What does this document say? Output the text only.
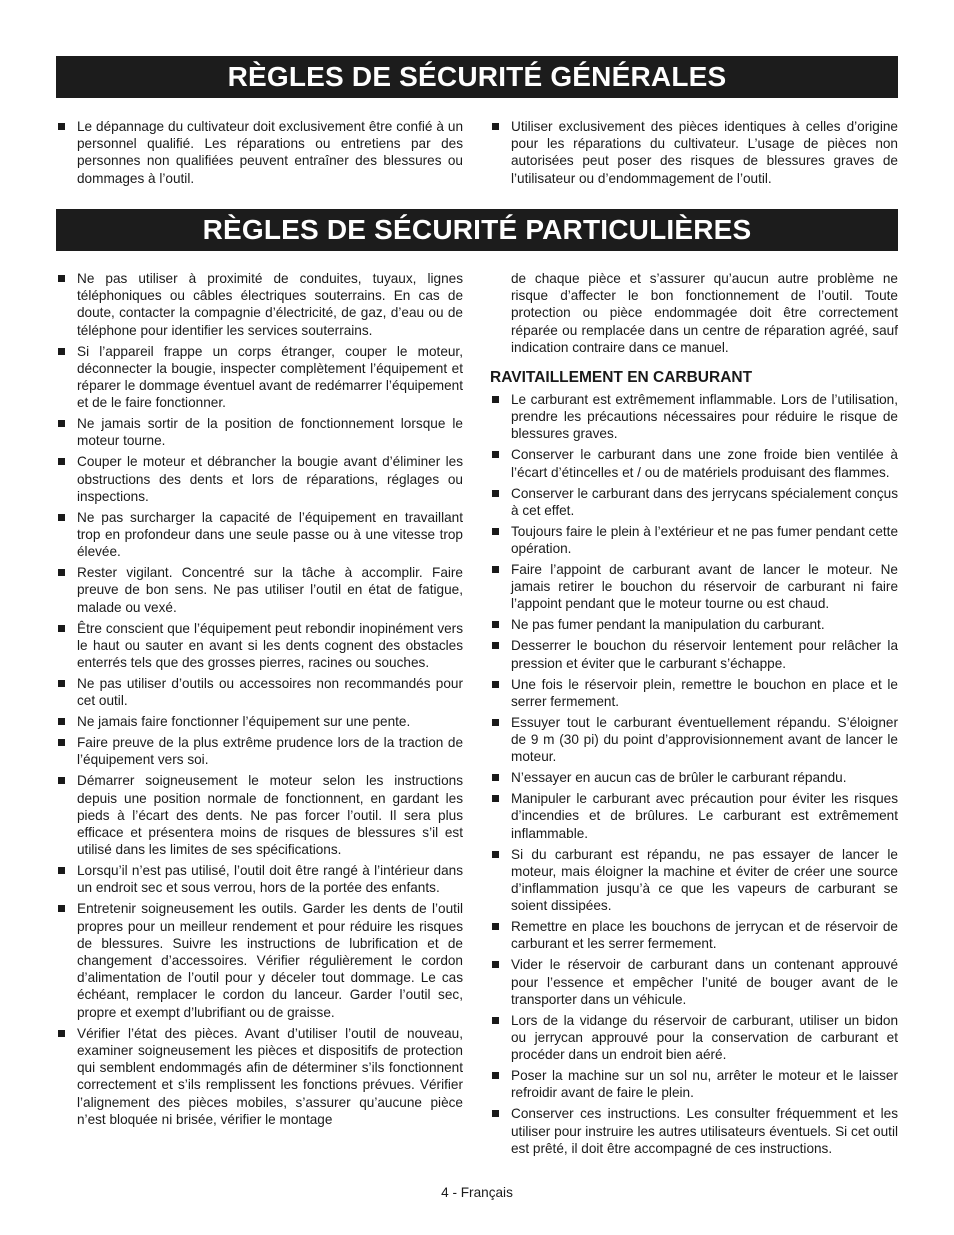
RÈGLES DE SÉCURITÉ GÉNÉRALES
Le dépannage du cultivateur doit exclusivement être confié à un personnel qualifié. Les réparations ou entretiens par des personnes non qualifiées peuvent entraîner des blessures ou dommages à l’outil.
Utiliser exclusivement des pièces identiques à celles d’origine pour les réparations du cultivateur. L’usage de pièces non autorisées peut poser des risques de blessures graves de l’utilisateur ou d’endommagement de l’outil.
RÈGLES DE SÉCURITÉ PARTICULIÈRES
Ne pas utiliser à proximité de conduites, tuyaux, lignes téléphoniques ou câbles électriques souterrains. En cas de doute, contacter la compagnie d’électricité, de gaz, d’eau ou de téléphone pour identifier les services souterrains.
Si l’appareil frappe un corps étranger, couper le moteur, déconnecter la bougie, inspecter complètement l’équipement et réparer le dommage éventuel avant de redémarrer l’équipement et de le faire fonctionner.
Ne jamais sortir de la position de fonctionnement lorsque le moteur tourne.
Couper le moteur et débrancher la bougie avant d’éliminer les obstructions des dents et lors de réparations, réglages ou inspections.
Ne pas surcharger la capacité de l’équipement en travaillant trop en profondeur dans une seule passe ou à une vitesse trop élevée.
Rester vigilant. Concentré sur la tâche à accomplir. Faire preuve de bon sens. Ne pas utiliser l’outil en état de fatigue, malade ou vexé.
Être conscient que l’équipement peut rebondir inopinément vers le haut ou sauter en avant si les dents cognent des obstacles enterrés tels que des grosses pierres, racines ou souches.
Ne pas utiliser d’outils ou accessoires non recommandés pour cet outil.
Ne jamais faire fonctionner l’équipement sur une pente.
Faire preuve de la plus extrême prudence lors de la traction de l’équipement vers soi.
Démarrer soigneusement le moteur selon les instructions depuis une position normale de fonctionnent, en gardant les pieds à l’écart des dents. Ne pas forcer l’outil. Il sera plus efficace et présentera moins de risques de blessures s’il est utilisé dans les limites de ses spécifications.
Lorsqu’il n’est pas utilisé, l’outil doit être rangé à l’intérieur dans un endroit sec et sous verrou, hors de la portée des enfants.
Entretenir soigneusement les outils. Garder les dents de l’outil propres pour un meilleur rendement et pour réduire les risques de blessures. Suivre les instructions de lubrification et de changement d’accessoires. Vérifier régulièrement le cordon d’alimentation de l’outil pour y déceler tout dommage. Le cas échéant, remplacer le cordon du lanceur. Garder l’outil sec, propre et exempt d’lubrifiant ou de graisse.
Vérifier l’état des pièces. Avant d’utiliser l’outil de nouveau, examiner soigneusement les pièces et dispositifs de protection qui semblent endommagés afin de déterminer s’ils fonctionnent correctement et s’ils remplissent les fonctions prévues. Vérifier l’alignement des pièces mobiles, s’assurer qu’aucune pièce n’est bloquée ni brisée, vérifier le montage

de chaque pièce et s’assurer qu’aucun autre problème ne risque d’affecter le bon fonctionnement de l’outil. Toute protection ou pièce endommagée doit être correctement réparée ou remplacée dans un centre de réparation agréé, sauf indication contraire dans ce manuel.

RAVITAILLEMENT EN CARBURANT
Le carburant est extrêmement inflammable. Lors de l’utilisation, prendre les précautions nécessaires pour réduire le risque de blessures graves.
Conserver le carburant dans une zone froide bien ventilée à l’écart d’étincelles et / ou de matériels produisant des flammes.
Conserver le carburant dans des jerrycans spécialement conçus à cet effet.
Toujours faire le plein à l’extérieur et ne pas fumer pendant cette opération.
Faire l’appoint de carburant avant de lancer le moteur. Ne jamais retirer le bouchon du réservoir de carburant ni faire l’appoint pendant que le moteur tourne ou est chaud.
Ne pas fumer pendant la manipulation du carburant.
Desserrer le bouchon du réservoir lentement pour relâcher la pression et éviter que le carburant s’échappe.
Une fois le réservoir plein, remettre le bouchon en place et le serrer fermement.
Essuyer tout le carburant éventuellement répandu. S’éloigner de 9 m (30 pi) du point d’approvisionnement avant de lancer le moteur.
N’essayer en aucun cas de brûler le carburant répandu.
Manipuler le carburant avec précaution pour éviter les risques d’incendies et de brûlures. Le carburant est extrêmement inflammable.
Si du carburant est répandu, ne pas essayer de lancer le moteur, mais éloigner la machine et éviter de créer une source d’inflammation jusqu’à ce que les vapeurs de carburant se soient dissipées.
Remettre en place les bouchons de jerrycan et de réservoir de carburant et les serrer fermement.
Vider le réservoir de carburant dans un contenant approuvé pour l’essence et empêcher l’unité de bouger avant de le transporter dans un véhicule.
Lors de la vidange du réservoir de carburant, utiliser un bidon ou jerrycan approuvé pour la conservation de carburant et procéder dans un endroit bien aéré.
Poser la machine sur un sol nu, arrêter le moteur et le laisser refroidir avant de faire le plein.
Conserver ces instructions. Les consulter fréquemment et les utiliser pour instruire les autres utilisateurs éventuels. Si cet outil est prêté, il doit être accompagné de ces instructions.
4 - Français
